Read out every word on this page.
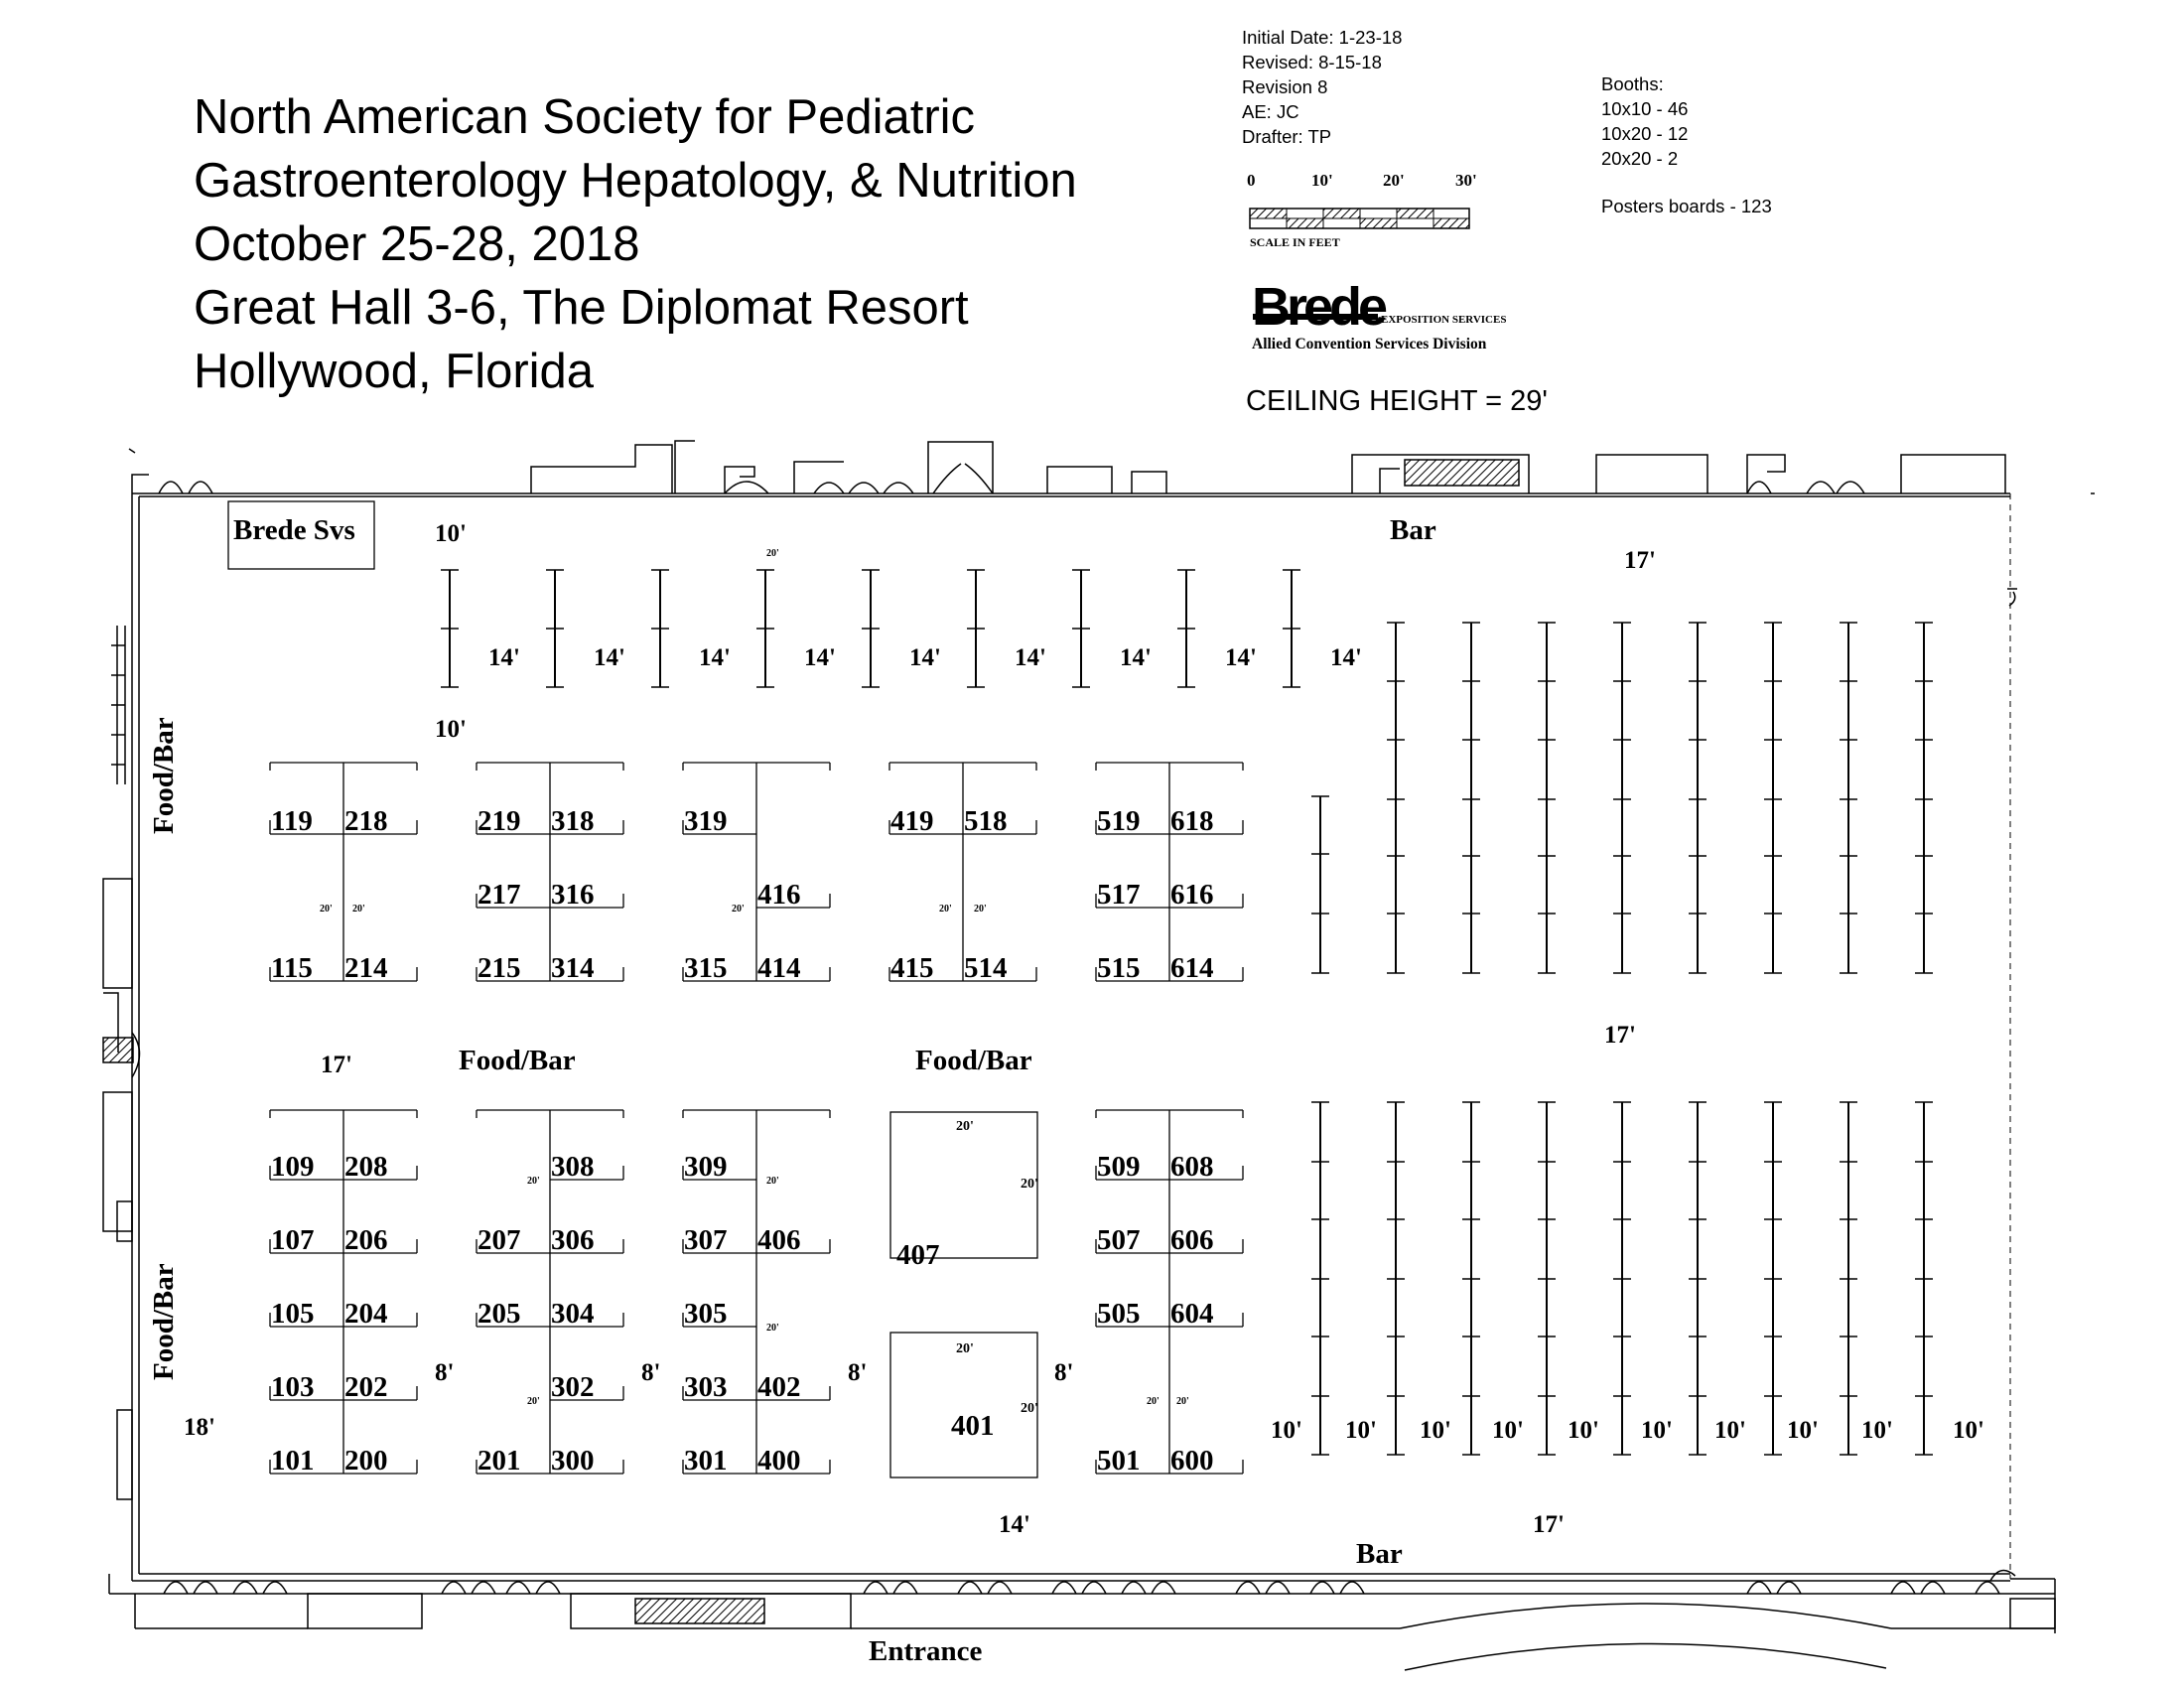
Brede Svs	Bar
Bar
Entrance
Food/Bar	Food/Bar
Food/Bar
Food/Bar
10'
10'
17'
17'
17'
18'
14'	17'
14'	14'	14'	14'	14'	14'	14'	14'	14'
8'	8'	8'	8'
10' 10' 10' 10' 10' 10' 10' 10' 10' 10'
119 218
115 214
219 318
217 316
215 314
319
416
315 414
419 518
415 514
519 618
517 616
515 614
109 208
107 206
105 204
103 202
101 200
308
207 306
205 304
302
201 300
309
307 406
305
303 402
301 400
509 608
507 606
505 604
501 600
20' 20'	20'
20'
20' 20'
20'	20'
20'
20'
20' 20'
401
407
20'
20'
20'
20'
North American Society for Pediatric
Gastroenterology Hepatology, & Nutrition
October 25-28, 2018
Great Hall 3-6, The Diplomat Resort
Hollywood, Florida
Initial Date: 1-23-18
Revised: 8-15-18
Revision 8
AE: JC
Drafter: TP
Booths:
10x10 - 46
10x20 - 12
20x20 - 2
Posters boards - 123
0	10'	20'	30'
SCALE IN FEET
Brede
EXPOSITION SERVICES
Allied Convention Services Division
CEILING HEIGHT = 29'
